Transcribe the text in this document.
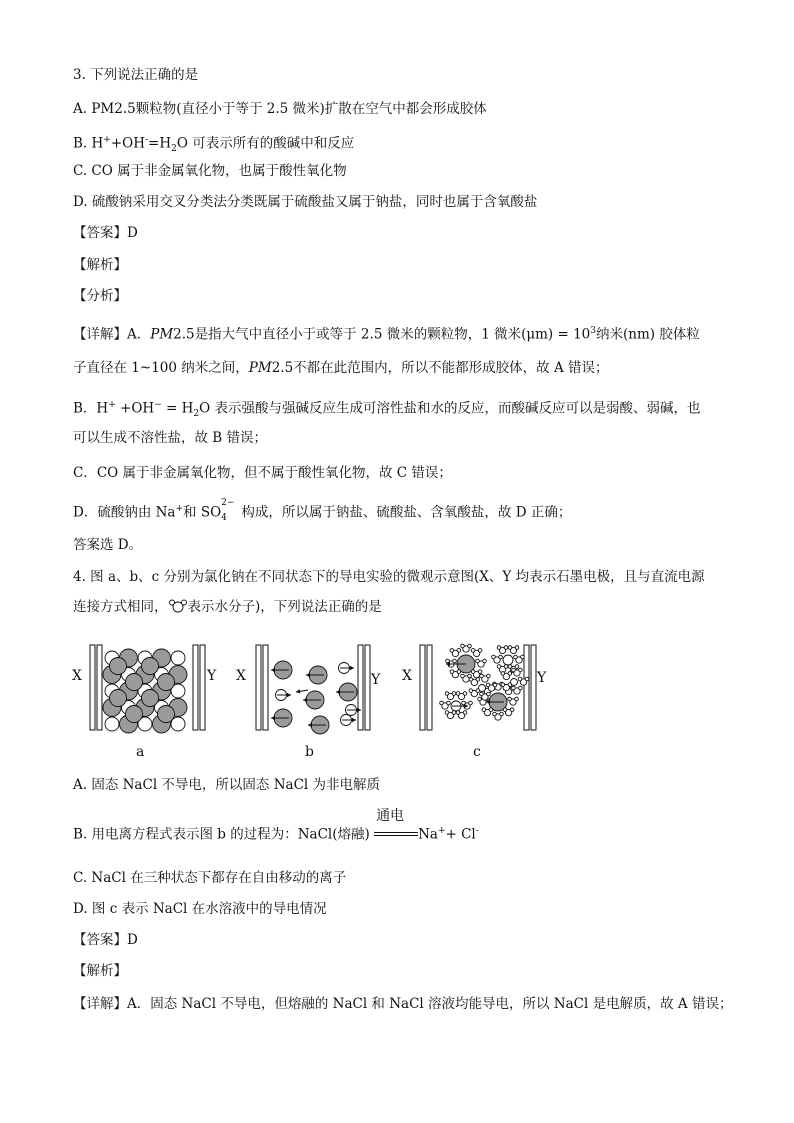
3. 下列说法正确的是
A. PM2.5颗粒物(直径小于等于 2.5 微米)扩散在空气中都会形成胶体
B. $H^++OH^-=H_2O$ 可表示所有的酸碱中和反应
C. CO 属于非金属氧化物，也属于酸性氧化物
D. 硫酸钠采用交叉分类法分类既属于硫酸盐又属于钠盐，同时也属于含氧酸盐
【答案】D
【解析】
【分析】
【详解】A．PM2.5是指大气中直径小于或等于 2.5 微米的颗粒物，1 微米$(\mu m) = 10^3$纳米(nm) 胶体粒
子直径在 1~100 纳米之间，PM2.5不都在此范围内，所以不能都形成胶体，故 A 错误；
B．$H^+ +OH^- = H_2O$ 表示强酸与强碱反应生成可溶性盐和水的反应，而酸碱反应可以是弱酸、弱碱，也
可以生成不溶性盐，故 B 错误；
C．CO 属于非金属氧化物，但不属于酸性氧化物，故 C 错误；
D．硫酸钠由 Na+和 SO
2−
4 构成，所以属于钠盐、硫酸盐、含氧酸盐，故 D 正确；
答案选 D。
4. 图 a、b、c 分别为氯化钠在不同状态下的导电实验的微观示意图(X、Y 均表示石墨电极，且与直流电源
连接方式相同， 表示水分子)，下列说法正确的是
X	Y X	Y X	Y
a	b	c
A. 固态 NaCl 不导电，所以固态 NaCl 为非电解质
B. 用电离方程式表示图 b 的过程为：NaCl(熔融)
通电
Na++ Cl-
C. NaCl 在三种状态下都存在自由移动的离子
D. 图 c 表示 NaCl 在水溶液中的导电情况
【答案】D
【解析】
【详解】A．固态 NaCl 不导电，但熔融的 NaCl 和 NaCl 溶液均能导电，所以 NaCl 是电解质，故 A 错误；
